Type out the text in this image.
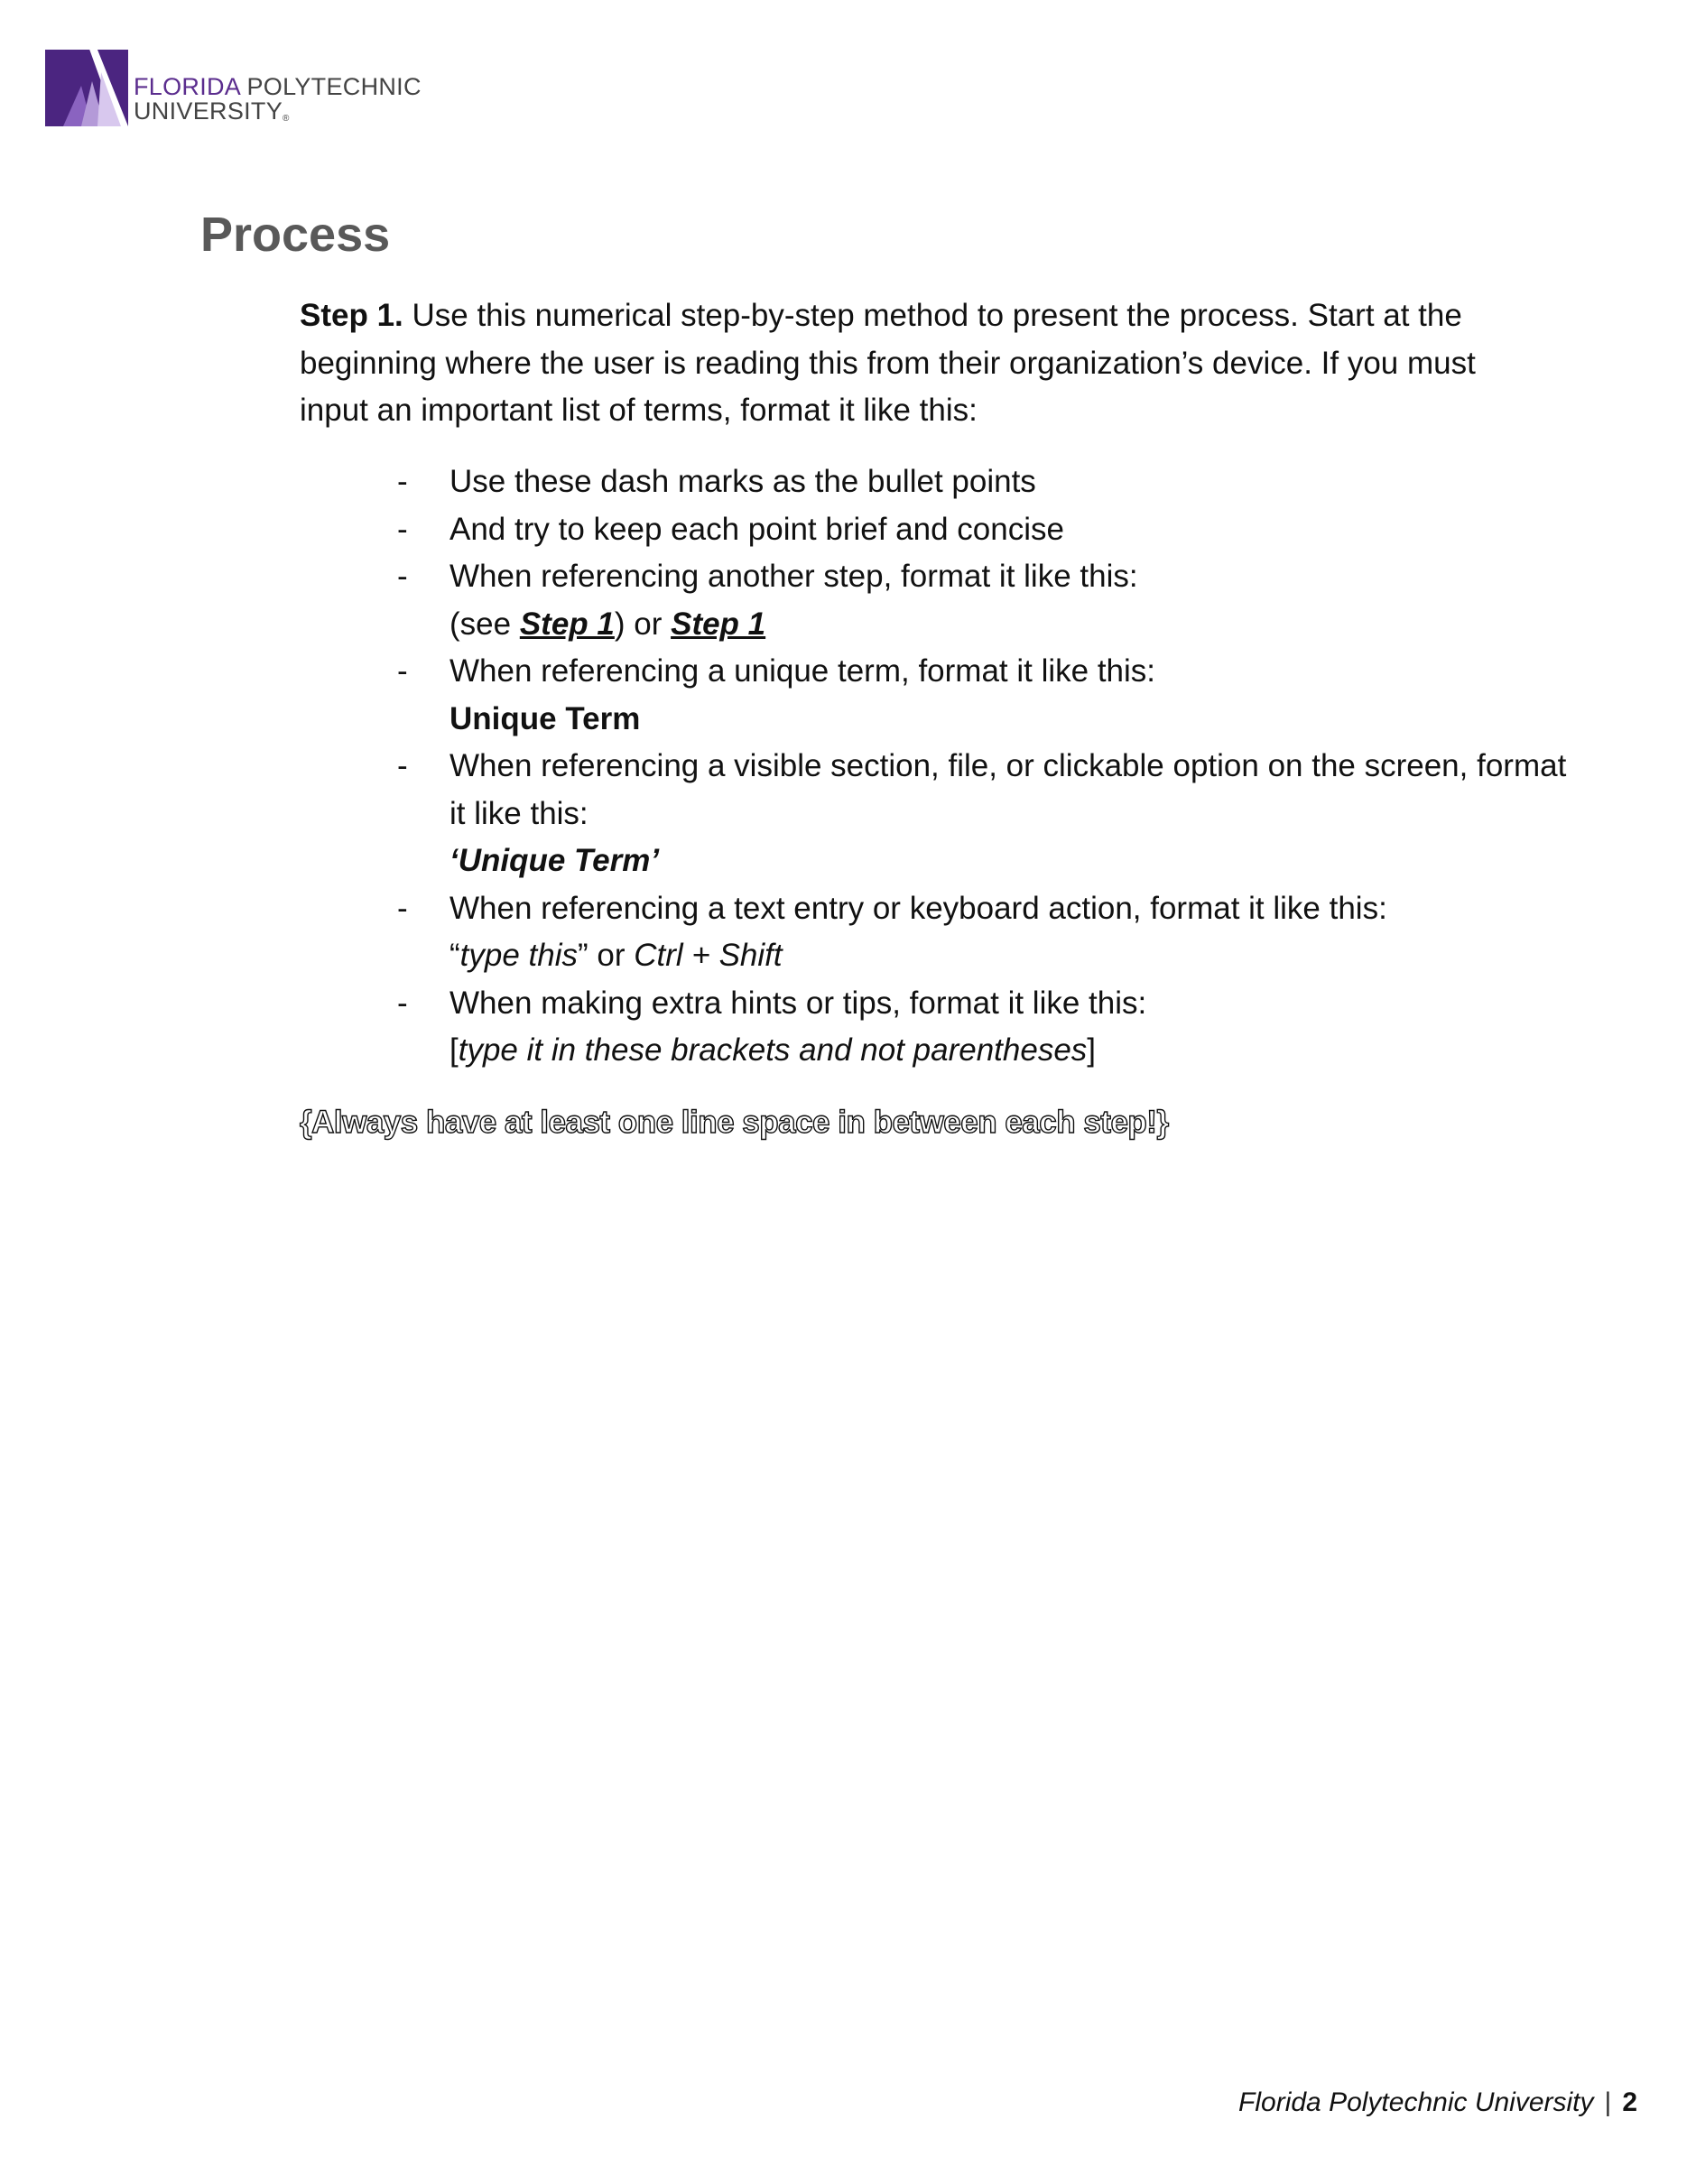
FLORIDA POLYTECHNIC
UNIVERSITY®
Process

Step 1. Use this numerical step-by-step method to present the process. Start at the beginning where the user is reading this from their organization’s device. If you must input an important list of terms, format it like this:

- Use these dash marks as the bullet points
- And try to keep each point brief and concise
- When referencing another step, format it like this:
(see Step 1) or Step 1
- When referencing a unique term, format it like this:
Unique Term
- When referencing a visible section, file, or clickable option on the screen, format it like this:
‘Unique Term’
- When referencing a text entry or keyboard action, format it like this:
“type this” or Ctrl + Shift
- When making extra hints or tips, format it like this:
[type it in these brackets and not parentheses]

{Always have at least one line space in between each step!}

Florida Polytechnic University | 2
